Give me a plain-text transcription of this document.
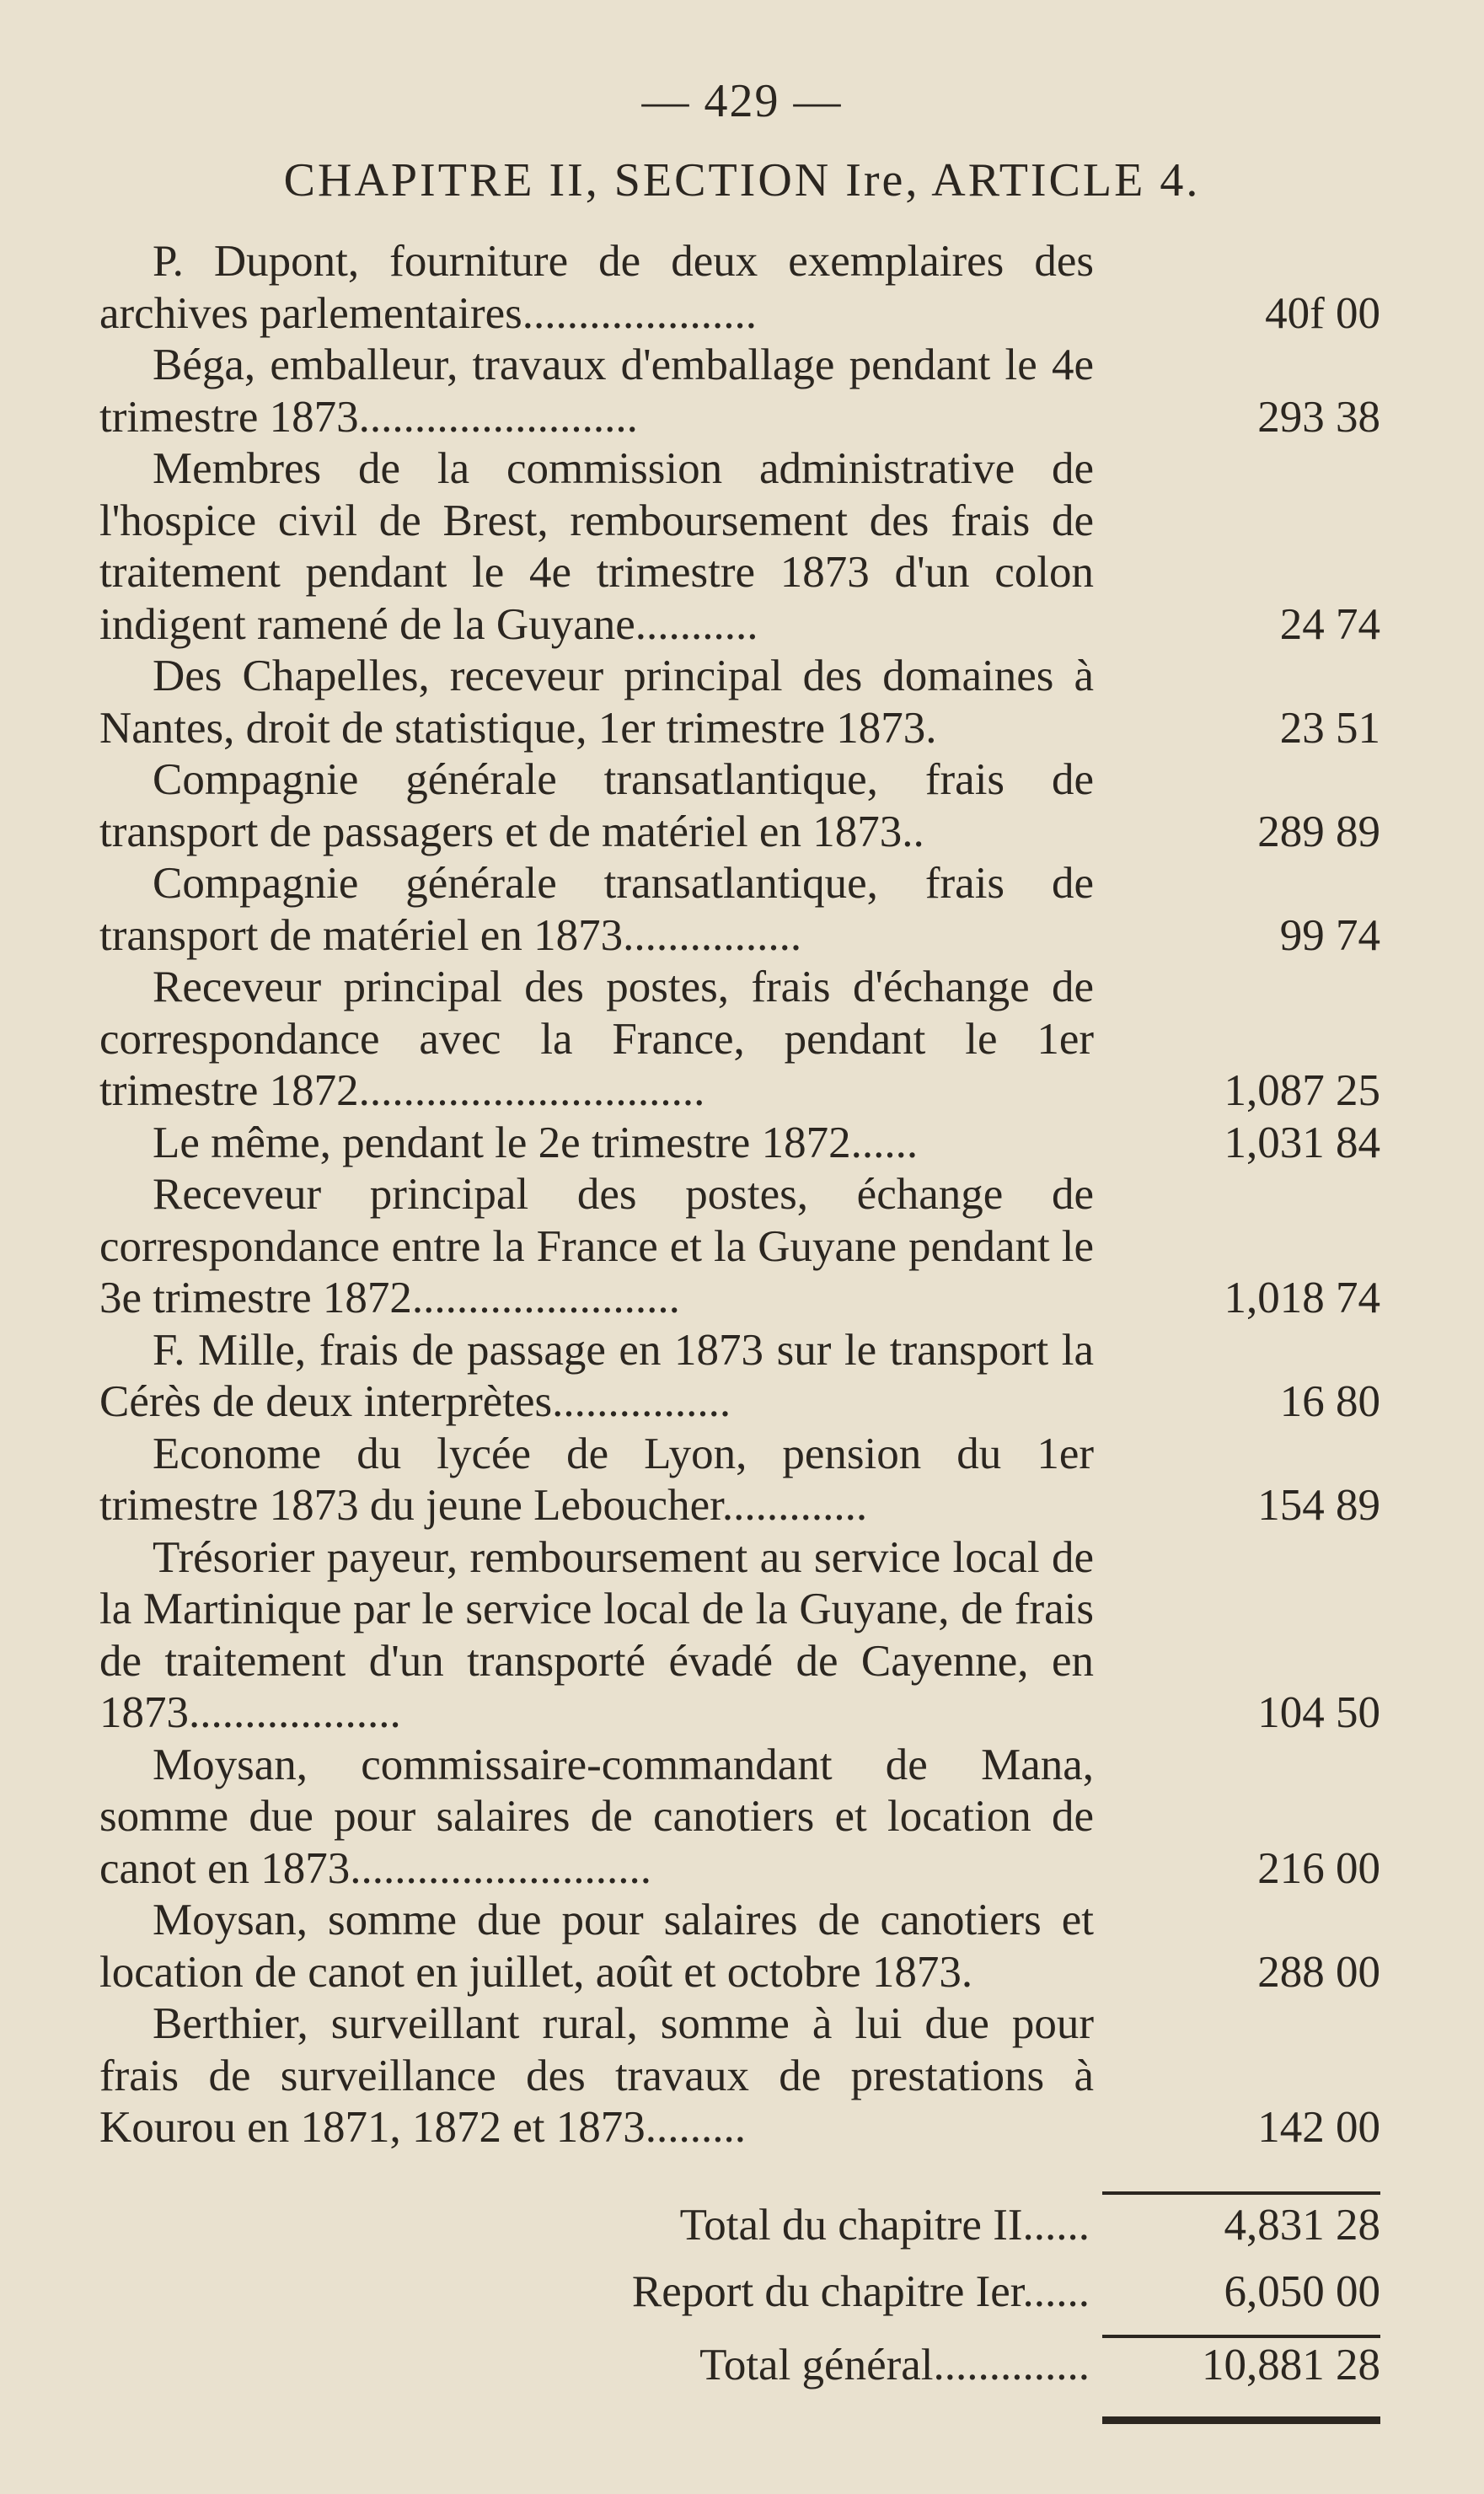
— 429 —
CHAPITRE II, SECTION Ire, ARTICLE 4.
P. Dupont, fourniture de deux exemplaires des archives parlementaires.....................	40f 00
Béga, emballeur, travaux d'emballage pendant le 4e trimestre 1873.........................	293 38
Membres de la commission administrative de l'hospice civil de Brest, remboursement des frais de traitement pendant le 4e trimestre 1873 d'un colon indigent ramené de la Guyane...........	24 74
Des Chapelles, receveur principal des domaines à Nantes, droit de statistique, 1er trimestre 1873.	23 51
Compagnie générale transatlantique, frais de transport de passagers et de matériel en 1873..	289 89
Compagnie générale transatlantique, frais de transport de matériel en 1873................	99 74
Receveur principal des postes, frais d'échange de correspondance avec la France, pendant le 1er trimestre 1872...............................	1,087 25
Le même, pendant le 2e trimestre 1872......	1,031 84
Receveur principal des postes, échange de correspondance entre la France et la Guyane pendant le 3e trimestre 1872........................	1,018 74
F. Mille, frais de passage en 1873 sur le transport la Cérès de deux interprètes................	16 80
Econome du lycée de Lyon, pension du 1er trimestre 1873 du jeune Leboucher.............	154 89
Trésorier payeur, remboursement au service local de la Martinique par le service local de la Guyane, de frais de traitement d'un transporté évadé de Cayenne, en 1873...................	104 50
Moysan, commissaire-commandant de Mana, somme due pour salaires de canotiers et location de canot en 1873...........................	216 00
Moysan, somme due pour salaires de canotiers et location de canot en juillet, août et octobre 1873.	288 00
Berthier, surveillant rural, somme à lui due pour frais de surveillance des travaux de prestations à Kourou en 1871, 1872 et 1873.........	142 00
Total du chapitre II......	4,831 28
Report du chapitre Ier......	6,050 00
Total général..............	10,881 28
